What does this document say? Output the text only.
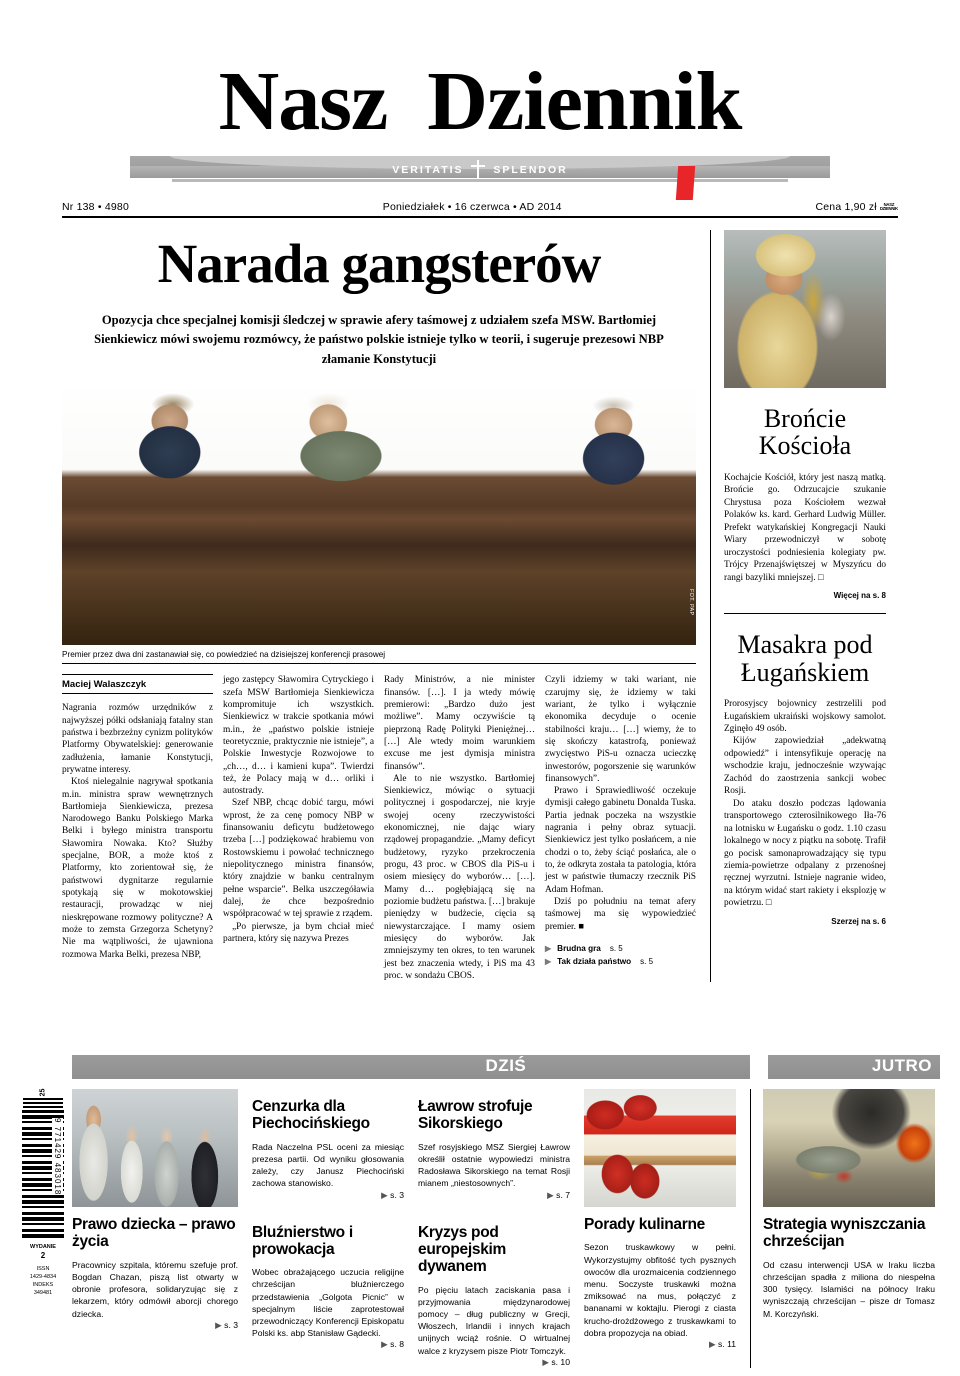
Nasz Dziennik
VERITATIS	SPLENDOR
Nr 138 • 4980	Poniedziałek • 16 czerwca • AD 2014	Cena 1,90 zł	NASZ
DZIENNIK
Narada gangsterów
Opozycja chce specjalnej komisji śledczej w sprawie afery taśmowej z udziałem szefa MSW. Bartłomiej Sienkiewicz mówi swojemu rozmówcy, że państwo polskie istnieje tylko w teorii, i sugeruje prezesowi NBP złamanie Konstytucji
FOT. PAP
Premier przez dwa dni zastanawiał się, co powiedzieć na dzisiejszej konferencji prasowej
Maciej Walaszczyk

Nagrania rozmów urzędników z najwyższej półki odsłaniają fatalny stan państwa i bezbrzeżny cynizm polityków Platformy Obywatelskiej: generowanie zadłużenia, łamanie Konstytucji, prywatne interesy.

Ktoś nielegalnie nagrywał spotkania m.in. ministra spraw wewnętrznych Bartłomieja Sienkiewicza, prezesa Narodowego Banku Polskiego Marka Belki i byłego ministra transportu Sławomira Nowaka. Kto? Służby specjalne, BOR, a może ktoś z Platformy, kto zorientował się, że państwowi dygnitarze regularnie spotykają się w mokotowskiej restauracji, prowadząc w niej nieskrępowane rozmowy polityczne? A może to zemsta Grzegorza Schetyny? Nie ma wątpliwości, że ujawniona rozmowa Marka Belki, prezesa NBP,

jego zastępcy Sławomira Cytryckiego i szefa MSW Bartłomieja Sienkiewicza kompromituje ich wszystkich. Sienkiewicz w trakcie spotkania mówi m.in., że „państwo polskie istnieje teoretycznie, praktycznie nie istnieje”, a Polskie Inwestycje Rozwojowe to „ch…, d… i kamieni kupa”. Twierdzi też, że Polacy mają w d… orliki i autostrady.

Szef NBP, chcąc dobić targu, mówi wprost, że za cenę pomocy NBP w finansowaniu deficytu budżetowego trzeba […] podziękować hrabiemu von Rostowskiemu i powołać technicznego niepolitycznego ministra finansów, który znajdzie w banku centralnym pełne wsparcie”. Belka uszczegóławia dalej, że chce bezpośrednio współpracować w tej sprawie z rządem.

„Po pierwsze, ja bym chciał mieć partnera, który się nazywa Prezes

Rady Ministrów, a nie minister finansów. […]. I ja wtedy mówię premierowi: „Bardzo dużo jest możliwe”. Mamy oczywiście tą pieprzoną Radę Polityki Pieniężnej… […] Ale wtedy moim warunkiem excuse me jest dymisja ministra finansów”.

Ale to nie wszystko. Bartłomiej Sienkiewicz, mówiąc o sytuacji politycznej i gospodarczej, nie kryje swojej oceny rzeczywistości ekonomicznej, nie dając wiary rządowej propagandzie. „Mamy deficyt budżetowy, ryzyko przekroczenia progu, 43 proc. w CBOS dla PiS-u i osiem miesięcy do wyborów… […]. Mamy d… pogłębiającą się na poziomie budżetu państwa. […] brakuje pieniędzy w budżecie, cięcia są niewystarczające. I mamy osiem miesięcy do wyborów. Jak zmniejszymy ten okres, to ten warunek jest bez znaczenia wtedy, i PiS ma 43 proc. w sondażu CBOS.

Czyli idziemy w taki wariant, nie czarujmy się, że idziemy w taki wariant, że tylko i wyłącznie ekonomika decyduje o ocenie stabilności kraju… […] wiemy, że to się skończy katastrofą, ponieważ zwycięstwo PiS-u oznacza ucieczkę inwestorów, pogorszenie się warunków finansowych”.

Prawo i Sprawiedliwość oczekuje dymisji całego gabinetu Donalda Tuska. Partia jednak poczeka na wszystkie nagrania i pełny obraz sytuacji. Sienkiewicz jest tylko posłańcem, a nie chodzi o to, żeby ściąć posłańca, ale o to, że odkryta została ta patologia, która jest w państwie tłumaczy rzecznik PiS Adam Hofman.

Dziś po południu na temat afery taśmowej ma się wypowiedzieć premier. ■

▶ Brudna gra s. 5
▶ Tak działa państwo s. 5
Brońcie Kościoła

Kochajcie Kościół, który jest naszą matką. Brońcie go. Odrzucajcie szukanie Chrystusa poza Kościołem wezwał Polaków ks. kard. Gerhard Ludwig Müller. Prefekt watykańskiej Kongregacji Nauki Wiary przewodniczył w sobotę uroczystości podniesienia kolegiaty pw. Trójcy Przenajświętszej w Myszyńcu do rangi bazyliki mniejszej. □

Więcej na s. 8
Masakra pod Ługańskiem

Prorosyjscy bojownicy zestrzelili pod Ługańskiem ukraiński wojskowy samolot. Zginęło 49 osób.

Kijów zapowiedział „adekwatną odpowiedź” i intensyfikuje operację na wschodzie kraju, jednocześnie wzywając Zachód do zaostrzenia sankcji wobec Rosji.

Do ataku doszło podczas lądowania transportowego czterosilnikowego Iła-76 na lotnisku w Ługańsku o godz. 1.10 czasu lokalnego w nocy z piątku na sobotę. Trafił go pocisk samonaprowadzający się typu ziemia-powietrze odpalany z przenośnej ręcznej wyrzutni. Istnieje nagranie wideo, na którym widać start rakiety i eksplozję w powietrzu. □

Szerzej na s. 6
DZIŚ	JUTRO
25
9 771429 483018
WYDANIE
2
ISSN
1429-4834
INDEKS
349481
Prawo dziecka – prawo życia

Pracownicy szpitala, któremu szefuje prof. Bogdan Chazan, piszą list otwarty w obronie profesora, solidaryzując się z lekarzem, który odmówił aborcji chorego dziecka.

▶ s. 3
Cenzurka dla Piechocińskiego

Rada Naczelna PSL oceni za miesiąc prezesa partii. Od wyniku głosowania zależy, czy Janusz Piechociński zachowa stanowisko.

▶ s. 3
Bluźnierstwo i prowokacja

Wobec obrażającego uczucia religijne chrześcijan bluźnierczego przedstawienia „Golgota Picnic” w specjalnym liście zaprotestował przewodniczący Konferencji Episkopatu Polski ks. abp Stanisław Gądecki.

▶ s. 8
Ławrow strofuje Sikorskiego

Szef rosyjskiego MSZ Siergiej Ławrow określił ostatnie wypowiedzi ministra Radosława Sikorskiego na temat Rosji mianem „niestosownych”.

▶ s. 7
Kryzys pod europejskim dywanem

Po pięciu latach zaciskania pasa i przyjmowania międzynarodowej pomocy – dług publiczny w Grecji, Włoszech, Irlandii i innych krajach unijnych wciąż rośnie. O wirtualnej walce z kryzysem pisze Piotr Tomczyk.

▶ s. 10
Porady kulinarne

Sezon truskawkowy w pełni. Wykorzystujmy obfitość tych pysznych owoców dla urozmaicenia codziennego menu. Soczyste truskawki można zmiksować na mus, połączyć z bananami w koktajlu. Pierogi z ciasta krucho-drożdżowego z truskawkami to dobra propozycja na obiad.

▶ s. 11
Strategia wyniszczania chrześcijan

Od czasu interwencji USA w Iraku liczba chrześcijan spadła z miliona do niespełna 300 tysięcy. Islamiści na północy Iraku wyniszczają chrześcijan – pisze dr Tomasz M. Korczyński.
